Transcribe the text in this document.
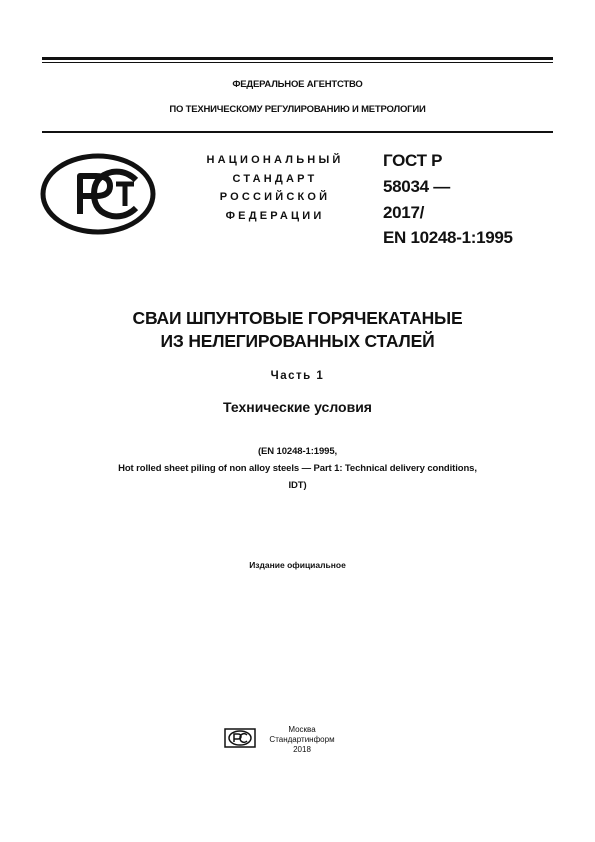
ФЕДЕРАЛЬНОЕ АГЕНТСТВО
ПО ТЕХНИЧЕСКОМУ РЕГУЛИРОВАНИЮ И МЕТРОЛОГИИ
НАЦИОНАЛЬНЫЙ
СТАНДАРТ
РОССИЙСКОЙ
ФЕДЕРАЦИИ
ГОСТ Р
58034 —
2017/
EN 10248-1:1995
СВАИ ШПУНТОВЫЕ ГОРЯЧЕКАТАНЫЕ
ИЗ НЕЛЕГИРОВАННЫХ СТАЛЕЙ
Часть 1
Технические условия
(EN 10248-1:1995,
Hot rolled sheet piling of non alloy steels — Part 1: Technical delivery conditions,
IDT)
Издание официальное
Москва
Стандартинформ
2018
